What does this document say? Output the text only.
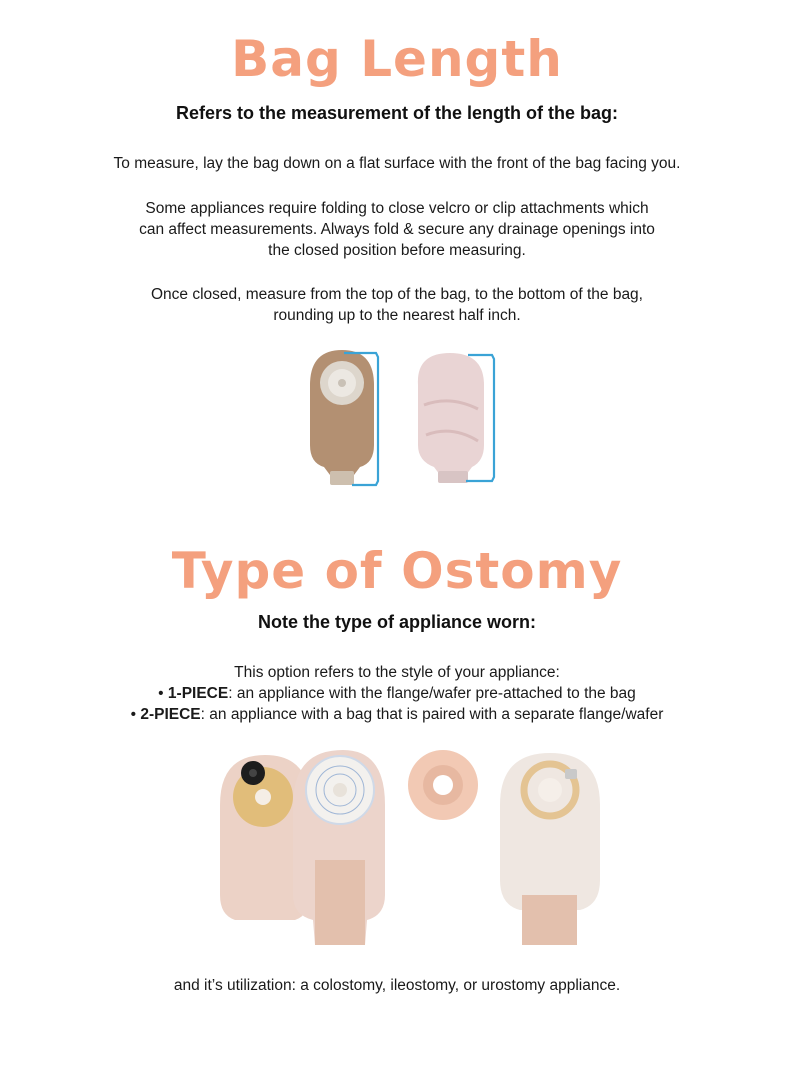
Bag Length
Refers to the measurement of the length of the bag:

To measure, lay the bag down on a flat surface with the front of the bag facing you.

Some appliances require folding to close velcro or clip attachments which

can affect measurements. Always fold & secure any drainage openings into

the closed position before measuring.

Once closed, measure from the top of the bag, to the bottom of the bag,

rounding up to the nearest half inch.

Type of Ostomy
Note the type of appliance worn:

This option refers to the style of your appliance:

• 1-PIECE: an appliance with the flange/wafer pre-attached to the bag

• 2-PIECE: an appliance with a bag that is paired with a separate flange/wafer

and it’s utilization: a colostomy, ileostomy, or urostomy appliance.
